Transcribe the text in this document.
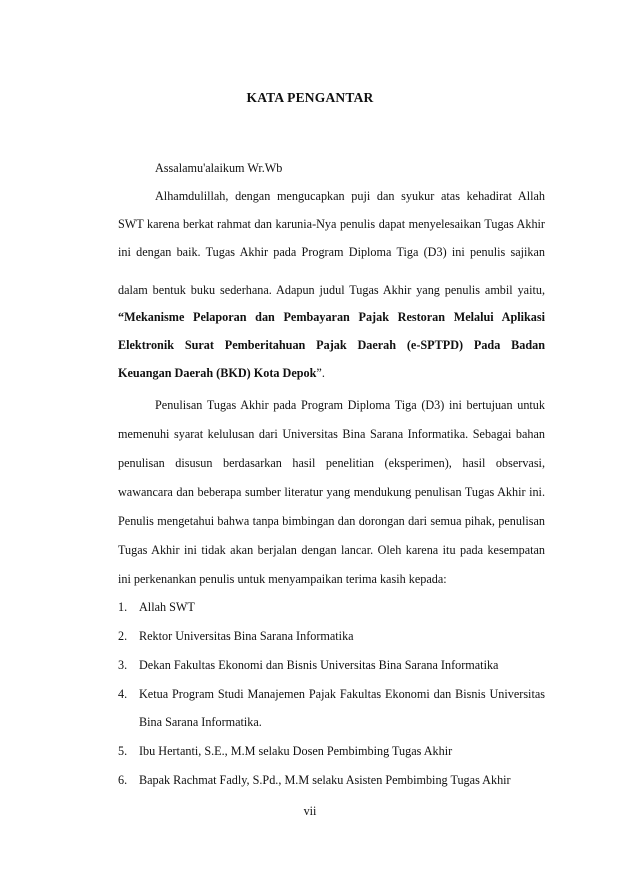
KATA PENGANTAR
Assalamu'alaikum Wr.Wb
Alhamdulillah, dengan mengucapkan puji dan syukur atas kehadirat Allah
SWT karena berkat rahmat dan karunia-Nya penulis dapat menyelesaikan Tugas Akhir
ini dengan baik. Tugas Akhir pada Program Diploma Tiga (D3) ini penulis sajikan
dalam bentuk buku sederhana. Adapun judul Tugas Akhir yang penulis ambil yaitu,
“Mekanisme Pelaporan dan Pembayaran Pajak Restoran Melalui Aplikasi
Elektronik Surat Pemberitahuan Pajak Daerah (e-SPTPD) Pada Badan
Keuangan Daerah (BKD) Kota Depok”.
Penulisan Tugas Akhir pada Program Diploma Tiga (D3) ini bertujuan untuk
memenuhi syarat kelulusan dari Universitas Bina Sarana Informatika. Sebagai bahan
penulisan disusun berdasarkan hasil penelitian (eksperimen), hasil observasi,
wawancara dan beberapa sumber literatur yang mendukung penulisan Tugas Akhir ini.
Penulis mengetahui bahwa tanpa bimbingan dan dorongan dari semua pihak, penulisan
Tugas Akhir ini tidak akan berjalan dengan lancar. Oleh karena itu pada kesempatan
ini perkenankan penulis untuk menyampaikan terima kasih kepada:
1. Allah SWT
2. Rektor Universitas Bina Sarana Informatika
3. Dekan Fakultas Ekonomi dan Bisnis Universitas Bina Sarana Informatika
4. Ketua Program Studi Manajemen Pajak Fakultas Ekonomi dan Bisnis Universitas
Bina Sarana Informatika.
5. Ibu Hertanti, S.E., M.M selaku Dosen Pembimbing Tugas Akhir
6. Bapak Rachmat Fadly, S.Pd., M.M selaku Asisten Pembimbing Tugas Akhir
vii
